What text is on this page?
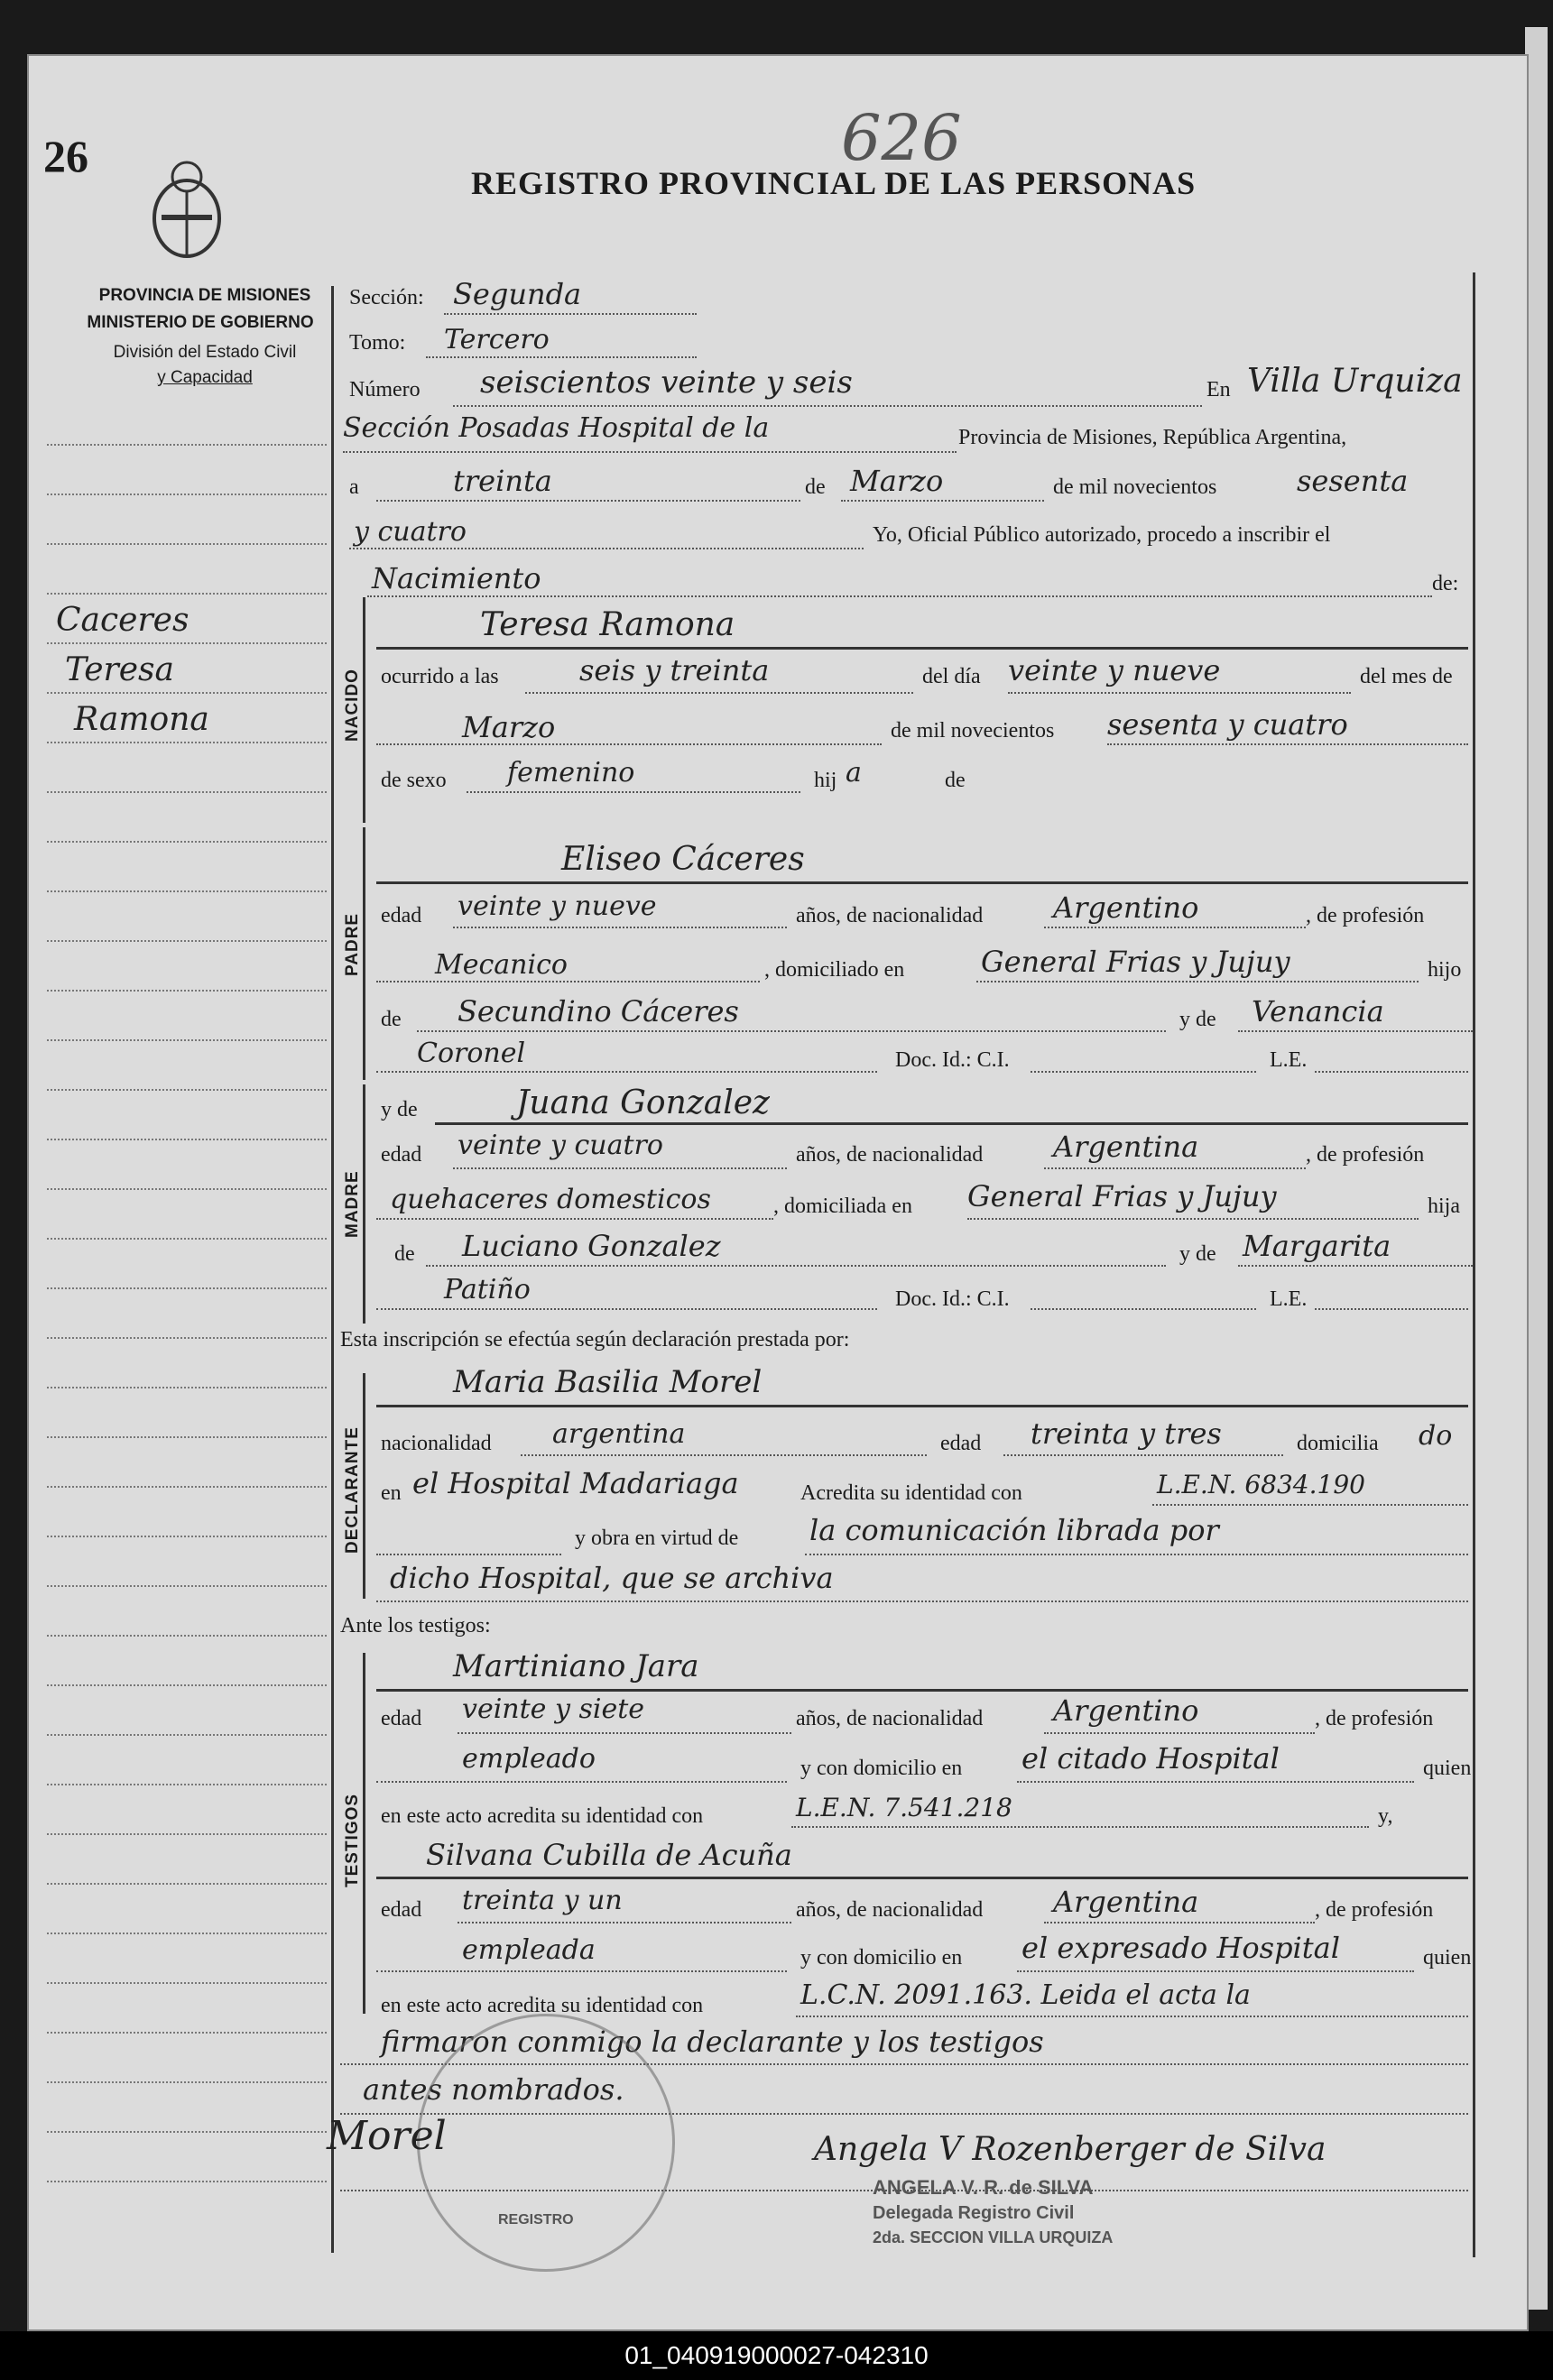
26	626
REGISTRO PROVINCIAL DE LAS PERSONAS
PROVINCIA DE MISIONES
MINISTERIO DE GOBIERNO
División del Estado Civil
y Capacidad
Caceres
Teresa
Ramona	NACIDO
PADRE
MADRE
DECLARANTE
TESTIGOS
Sección: Segunda
Tomo: Tercero
Número seiscientos veinte y seis	En Villa Urquiza
Sección Posadas Hospital de la	Provincia de Misiones, República Argentina,
a	treinta	de Marzo	de mil novecientos	sesenta
y cuatro	Yo, Oficial Público autorizado, procedo a inscribir el
Nacimiento	de:
Teresa Ramona
ocurrido a las	seis y treinta	del día veinte y nueve	del mes de
Marzo	de mil novecientos sesenta y cuatro
de sexo femenino	hij a	de
Eliseo Cáceres
edad veinte y nueve	años, de nacionalidad Argentino	, de profesión
Mecanico	, domiciliado en	General Frias y Jujuy	hijo
de Secundino Cáceres	y de Venancia
Coronel	Doc. Id.: C.I.	L.E.
y de	Juana Gonzalez
edad veinte y cuatro	años, de nacionalidad Argentina	, de profesión
quehaceres domesticos	, domiciliada en General Frias y Jujuy	hija
de Luciano Gonzalez	y de Margarita
Patiño	Doc. Id.: C.I.	L.E.
Esta inscripción se efectúa según declaración prestada por:
Maria Basilia Morel
nacionalidad argentina	edad treinta y tres	domicilia do
en el Hospital Madariaga	Acredita su identidad con	L.E.N. 6834.190
y obra en virtud de la comunicación librada por
dicho Hospital, que se archiva
Ante los testigos:
Martiniano Jara
edad veinte y siete	años, de nacionalidad Argentino	, de profesión
empleado	y con domicilio en el citado Hospital	quien
en este acto acredita su identidad con	L.E.N. 7.541.218	y,
Silvana Cubilla de Acuña
edad treinta y un	años, de nacionalidad Argentina	, de profesión
empleada	y con domicilio en el expresado Hospital	quien
en este acto acredita su identidad con	L.C.N. 2091.163. Leida el acta la
firmaron conmigo la declarante y los testigos
antes nombrados.
REGISTRO
Morel	Angela V Rozenberger de Silva
ANGELA V. R. de SILVA
Delegada Registro Civil
2da. SECCION VILLA URQUIZA
01_040919000027-042310
